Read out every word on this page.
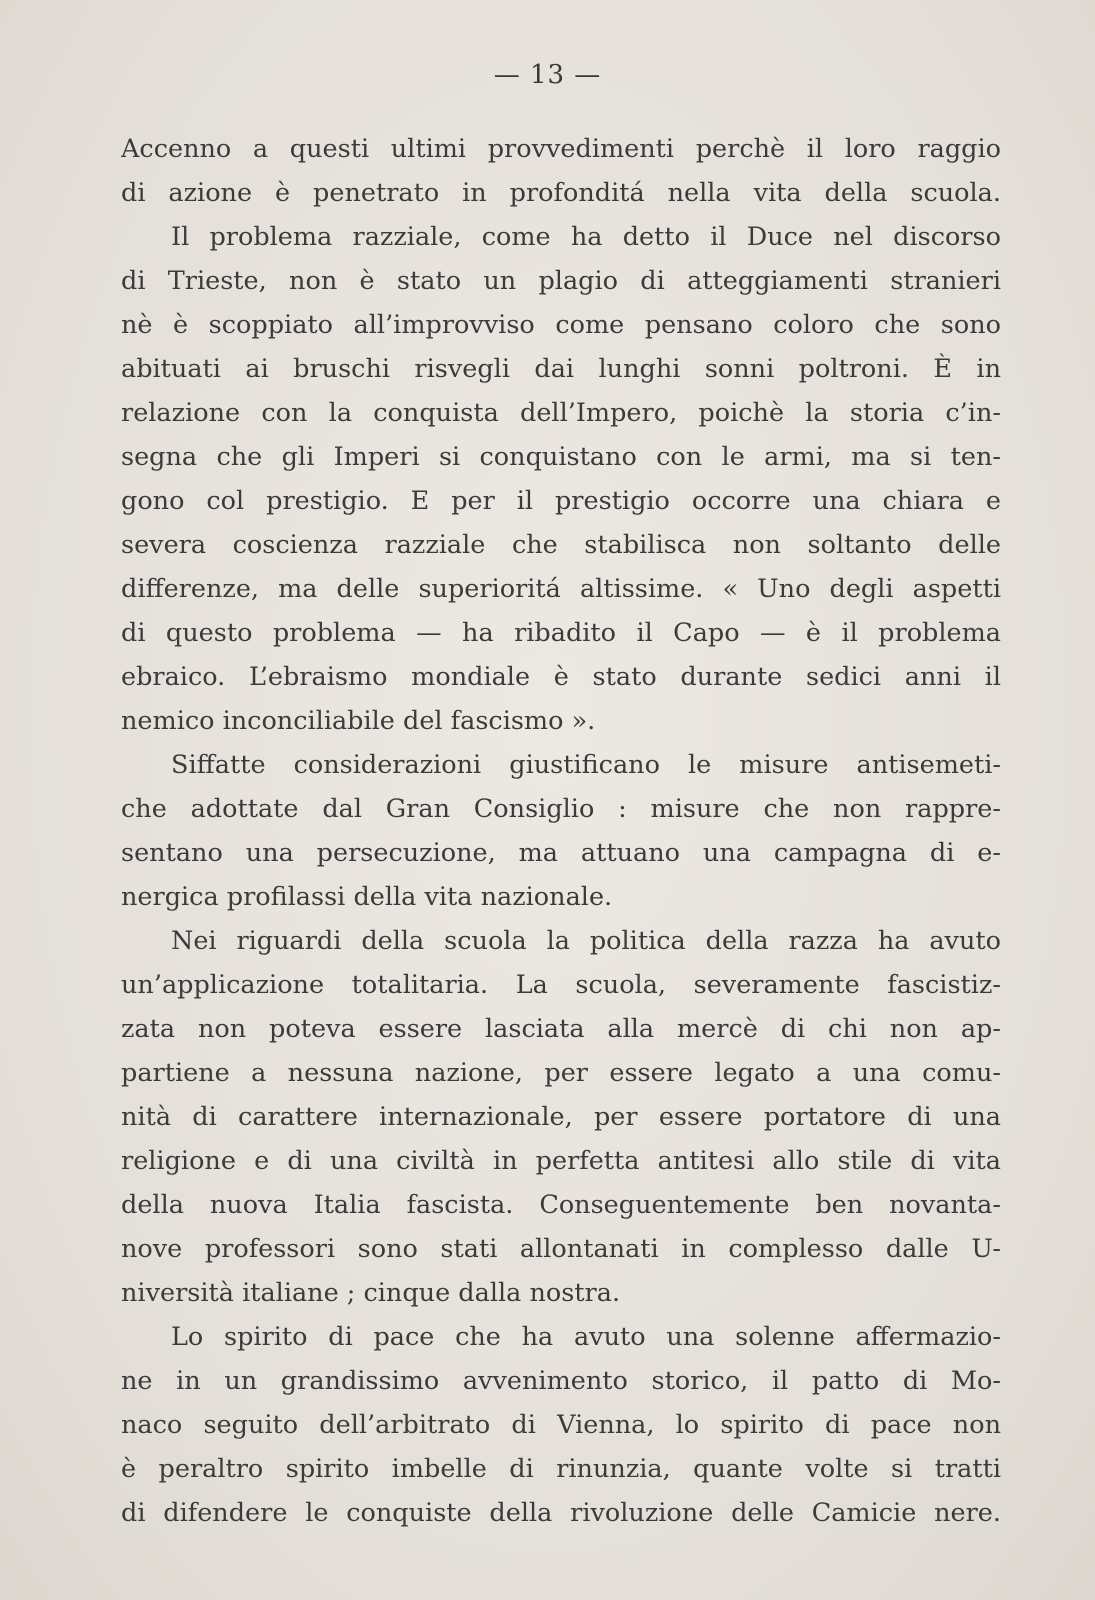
— 13 —
Accenno a questi ultimi provvedimenti perchè il loro raggio
di azione è penetrato in profonditá nella vita della scuola.
Il problema razziale, come ha detto il Duce nel discorso
di Trieste, non è stato un plagio di atteggiamenti stranieri
nè è scoppiato all’improvviso come pensano coloro che sono
abituati ai bruschi risvegli dai lunghi sonni poltroni. È in
relazione con la conquista dell’Impero, poichè la storia c’in-
segna che gli Imperi si conquistano con le armi, ma si ten-
gono col prestigio. E per il prestigio occorre una chiara e
severa coscienza razziale che stabilisca non soltanto delle
differenze, ma delle superioritá altissime. « Uno degli aspetti
di questo problema — ha ribadito il Capo — è il problema
ebraico. L’ebraismo mondiale è stato durante sedici anni il
nemico inconciliabile del fascismo ».
Siffatte considerazioni giustificano le misure antisemeti-
che adottate dal Gran Consiglio : misure che non rappre-
sentano una persecuzione, ma attuano una campagna di e-
nergica profilassi della vita nazionale.
Nei riguardi della scuola la politica della razza ha avuto
un’applicazione totalitaria. La scuola, severamente fascistiz-
zata non poteva essere lasciata alla mercè di chi non ap-
partiene a nessuna nazione, per essere legato a una comu-
nità di carattere internazionale, per essere portatore di una
religione e di una civiltà in perfetta antitesi allo stile di vita
della nuova Italia fascista. Conseguentemente ben novanta-
nove professori sono stati allontanati in complesso dalle U-
niversità italiane ; cinque dalla nostra.
Lo spirito di pace che ha avuto una solenne affermazio-
ne in un grandissimo avvenimento storico, il patto di Mo-
naco seguito dell’arbitrato di Vienna, lo spirito di pace non
è peraltro spirito imbelle di rinunzia, quante volte si tratti
di difendere le conquiste della rivoluzione delle Camicie nere.
